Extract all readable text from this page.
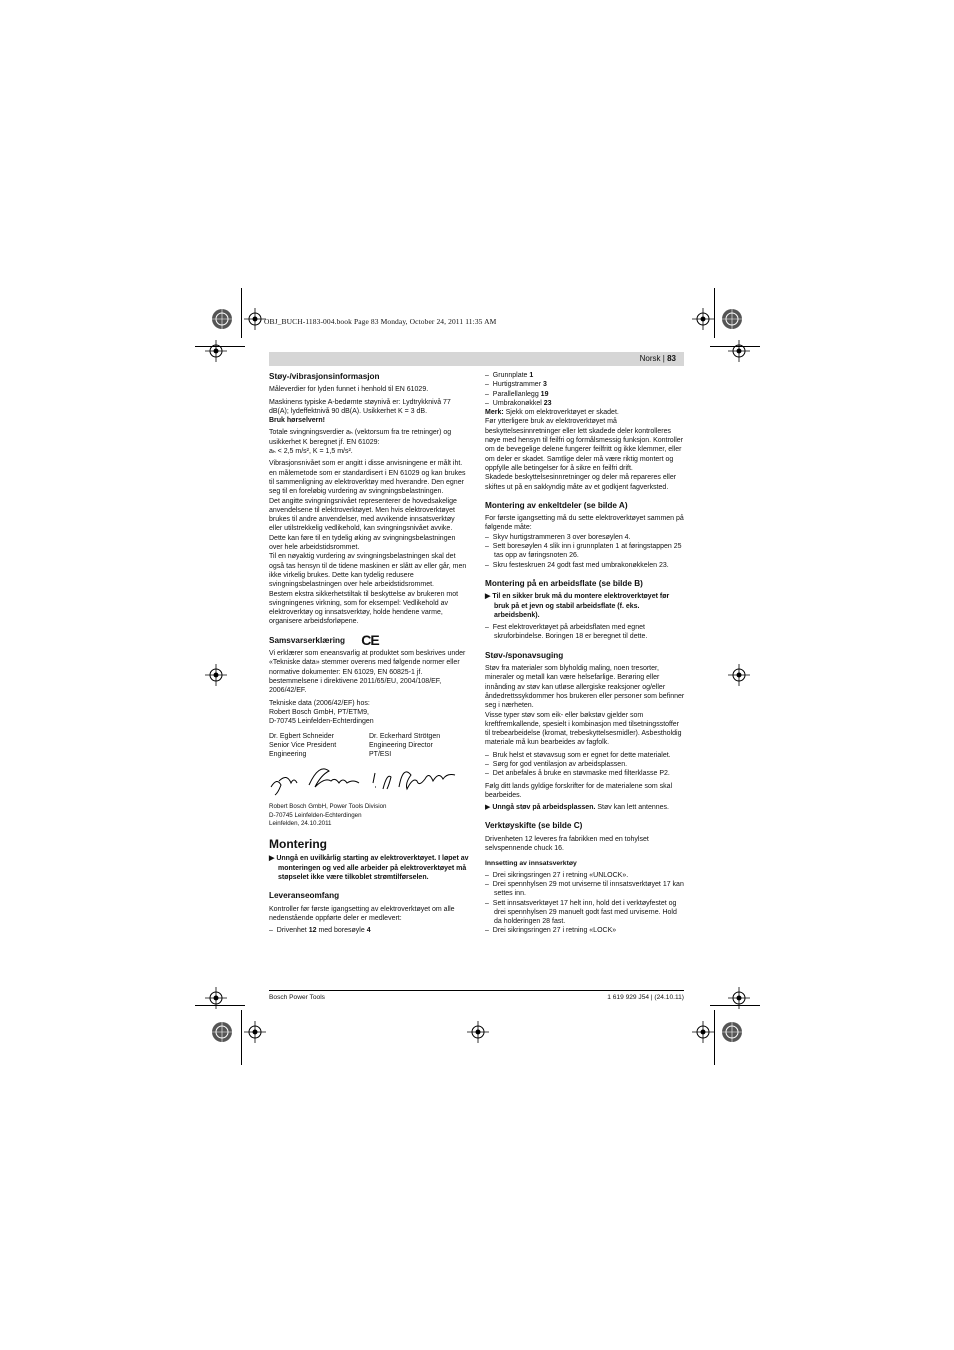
OBJ_BUCH-1183-004.book Page 83 Monday, October 24, 2011 11:35 AM
Norsk | 83
Støy-/vibrasjonsinformasjon

Måleverdier for lyden funnet i henhold til EN 61029.

Maskinens typiske A-bedømte støynivå er: Lydtrykknivå 77 dB(A); lydeffektnivå 90 dB(A). Usikkerhet K = 3 dB.

Bruk hørselvern!

Totale svingningsverdier aₕ (vektorsum fra tre retninger) og usikkerhet K beregnet jf. EN 61029:

aₕ < 2,5 m/s², K = 1,5 m/s².

Vibrasjonsnivået som er angitt i disse anvisningene er målt iht. en målemetode som er standardisert i EN 61029 og kan brukes til sammenligning av elektroverktøy med hverandre. Den egner seg til en foreløbig vurdering av svingningsbelastningen.

Det angitte svingningsnivået representerer de hovedsakelige anvendelsene til elektroverktøyet. Men hvis elektroverktøyet brukes til andre anvendelser, med avvikende innsatsverktøy eller utilstrekkelig vedlikehold, kan svingningsnivået avvike. Dette kan føre til en tydelig øking av svingningsbelastningen over hele arbeidstidsrommet.

Til en nøyaktig vurdering av svingningsbelastningen skal det også tas hensyn til de tidene maskinen er slått av eller går, men ikke virkelig brukes. Dette kan tydelig redusere svingningsbelastningen over hele arbeidstidsrommet.

Bestem ekstra sikkerhetstiltak til beskyttelse av brukeren mot svingningenes virkning, som for eksempel: Vedlikehold av elektroverktøy og innsatsverktøy, holde hendene varme, organisere arbeidsforløpene.

Samsvarserklæring CE

Vi erklærer som eneansvarlig at produktet som beskrives under «Tekniske data» stemmer overens med følgende normer eller normative dokumenter: EN 61029, EN 60825-1 jf. bestemmelsene i direktivene 2011/65/EU, 2004/108/EF, 2006/42/EF.

Tekniske data (2006/42/EF) hos:

Robert Bosch GmbH, PT/ETM9,

D-70745 Leinfelden-Echterdingen

Dr. Egbert Schneider
Senior Vice President
Engineering
Dr. Eckerhard Strötgen
Engineering Director
PT/ESI

Robert Bosch GmbH, Power Tools Division

D-70745 Leinfelden-Echterdingen

Leinfelden, 24.10.2011

Montering

▶ Unngå en uvilkårlig starting av elektroverktøyet. I løpet av monteringen og ved alle arbeider på elektroverktøyet må støpselet ikke være tilkoblet strømtilførselen.

Leveranseomfang

Kontroller før første igangsetting av elektroverktøyet om alle nedenstående oppførte deler er medlevert:

–  Drivenhet 12 med boresøyle 4

–  Grunnplate 1

–  Hurtigstrammer 3

–  Parallellanlegg 19

–  Umbrakonøkkel 23

Merk: Sjekk om elektroverktøyet er skadet.

Før ytterligere bruk av elektroverktøyet må beskyttelsesinnretninger eller lett skadede deler kontrolleres nøye med hensyn til feilfri og formålsmessig funksjon. Kontroller om de bevegelige delene fungerer feilfritt og ikke klemmer, eller om deler er skadet. Samtlige deler må være riktig montert og oppfylle alle betingelser for å sikre en feilfri drift.

Skadede beskyttelsesinnretninger og deler må repareres eller skiftes ut på en sakkyndig måte av et godkjent fagverksted.

Montering av enkeltdeler (se bilde A)

For første igangsetting må du sette elektroverktøyet sammen på følgende måte:

–  Skyv hurtigstrammeren 3 over boresøylen 4.

–  Sett boresøylen 4 slik inn i grunnplaten 1 at føringstappen 25 tas opp av føringsnoten 26.

–  Skru festeskruen 24 godt fast med umbrakonøkkelen 23.

Montering på en arbeidsflate (se bilde B)

▶ Til en sikker bruk må du montere elektroverktøyet før bruk på et jevn og stabil arbeidsflate (f. eks. arbeidsbenk).

–  Fest elektroverktøyet på arbeidsflaten med egnet skruforbindelse. Boringen 18 er beregnet til dette.

Støv-/sponavsuging

Støv fra materialer som blyholdig maling, noen tresorter, mineraler og metall kan være helsefarlige. Berøring eller innånding av støv kan utløse allergiske reaksjoner og/eller åndedrettssykdommer hos brukeren eller personer som befinner seg i nærheten.

Visse typer støv som eik- eller bøkstøv gjelder som kreftfremkallende, spesielt i kombinasjon med tilsetningsstoffer til trebearbeidelse (kromat, trebeskyttelsesmidler). Asbestholdig materiale må kun bearbeides av fagfolk.

–  Bruk helst et støvavsug som er egnet for dette materialet.

–  Sørg for god ventilasjon av arbeidsplassen.

–  Det anbefales å bruke en støvmaske med filterklasse P2.

Følg ditt lands gyldige forskrifter for de materialene som skal bearbeides.

▶ Unngå støv på arbeidsplassen. Støv kan lett antennes.

Verktøyskifte (se bilde C)

Drivenheten 12 leveres fra fabrikken med en tohylset selvspennende chuck 16.

Innsetting av innsatsverktøy

–  Drei sikringsringen 27 i retning «UNLOCK».

–  Drei spennhylsen 29 mot urviserne til innsatsverktøyet 17 kan settes inn.

–  Sett innsatsverktøyet 17 helt inn, hold det i verktøyfestet og drei spennhylsen 29 manuelt godt fast med urviserne. Hold da holderingen 28 fast.

–  Drei sikringsringen 27 i retning «LOCK»

Bosch Power Tools	1 619 929 J54 | (24.10.11)
